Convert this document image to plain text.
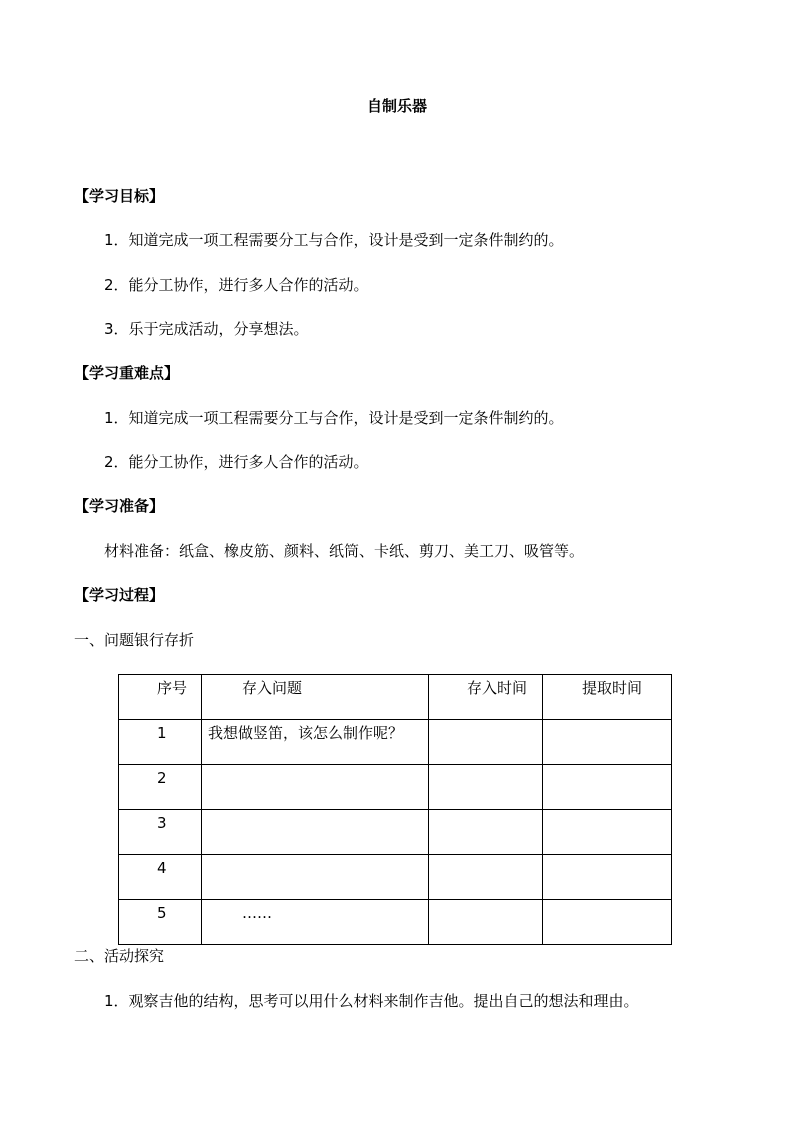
自制乐器
【学习目标】
1．知道完成一项工程需要分工与合作，设计是受到一定条件制约的。
2．能分工协作，进行多人合作的活动。
3．乐于完成活动，分享想法。
【学习重难点】
1．知道完成一项工程需要分工与合作，设计是受到一定条件制约的。
2．能分工协作，进行多人合作的活动。
【学习准备】
材料准备：纸盒、橡皮筋、颜料、纸筒、卡纸、剪刀、美工刀、吸管等。
【学习过程】
一、问题银行存折
序号	存入问题	存入时间	提取时间

1	我想做竖笛，该怎么制作呢？		

2			

3			

4			

5	……		

二、活动探究
1．观察吉他的结构，思考可以用什么材料来制作吉他。提出自己的想法和理由。
